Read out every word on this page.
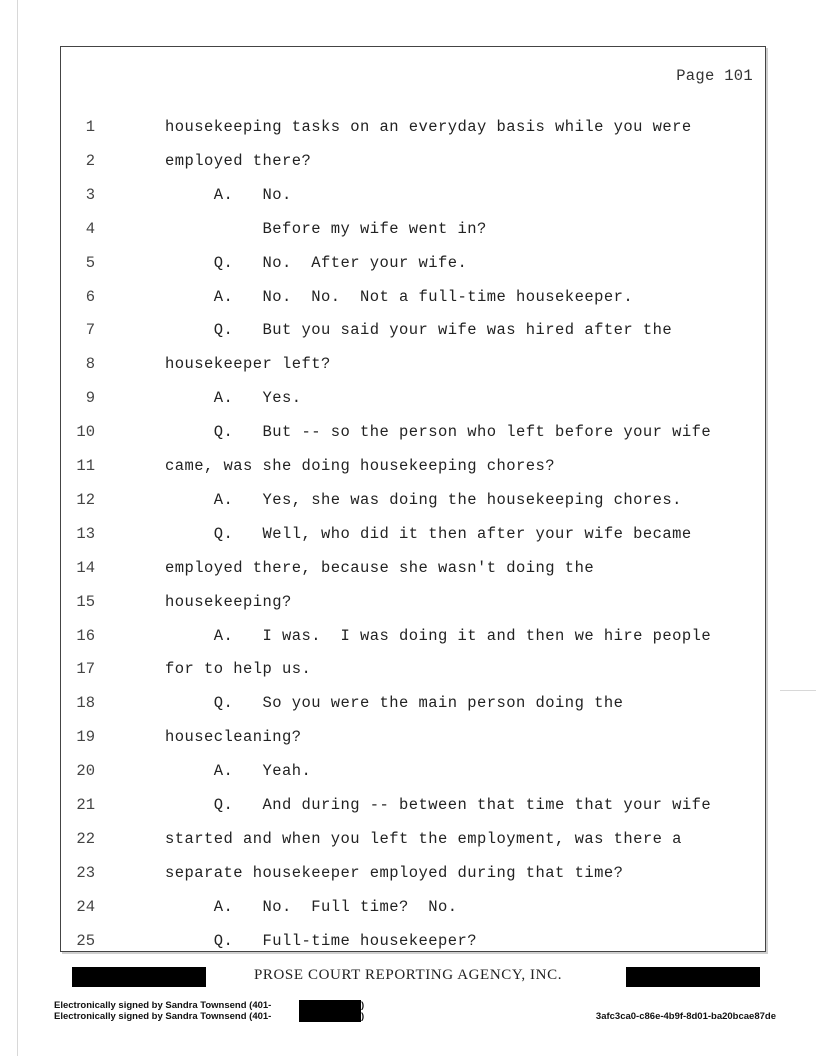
Page 101
1	housekeeping tasks on an everyday basis while you were
2	employed there?
3	A.   No.
4	Before my wife went in?
5	Q.   No.  After your wife.
6	A.   No.  No.  Not a full-time housekeeper.
7	Q.   But you said your wife was hired after the
8	housekeeper left?
9	A.   Yes.
10	Q.   But -- so the person who left before your wife
11	came, was she doing housekeeping chores?
12	A.   Yes, she was doing the housekeeping chores.
13	Q.   Well, who did it then after your wife became
14	employed there, because she wasn't doing the
15	housekeeping?
16	A.   I was.  I was doing it and then we hire people
17	for to help us.
18	Q.   So you were the main person doing the
19	housecleaning?
20	A.   Yeah.
21	Q.   And during -- between that time that your wife
22	started and when you left the employment, was there a
23	separate housekeeper employed during that time?
24	A.   No.  Full time?  No.
25	Q.   Full-time housekeeper?
PROSE COURT REPORTING AGENCY, INC.
Electronically signed by Sandra Townsend (401-	)
Electronically signed by Sandra Townsend (401-	)	3afc3ca0-c86e-4b9f-8d01-ba20bcae87de
